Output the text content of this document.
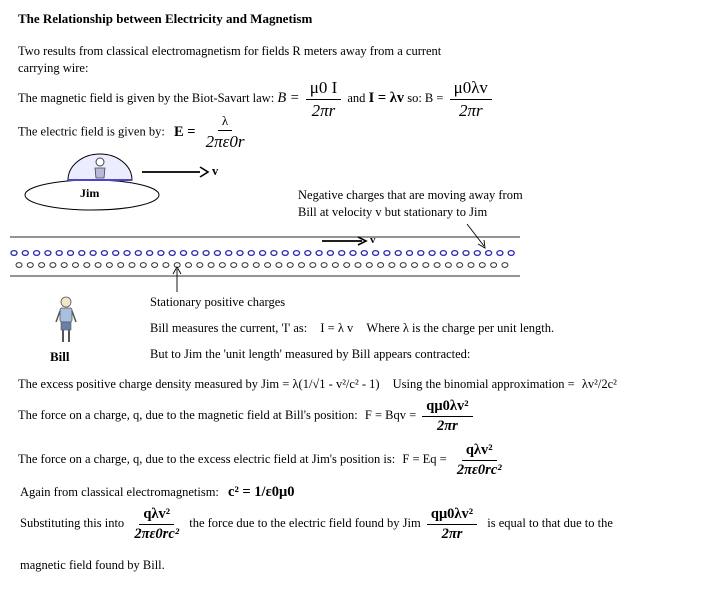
The Relationship between Electricity and Magnetism
Two results from classical electromagnetism for fields R meters away from a current
carrying wire:
The magnetic field is given by the Biot-Savart law: $B = \frac{\mu 0 I}{2\pi r}$ and I = λv so: $B = \frac{\mu 0\lambda v}{2\pi r}$
The electric field is given by: $E = \frac{\lambda}{2\pi\varepsilon 0r}$
Jim
v
v
Negative charges that are moving away from
Bill at velocity v but stationary to Jim
Stationary positive charges
Bill
Bill measures the current, 'I' as: I = λ v Where λ is the charge per unit length.
But to Jim the 'unit length' measured by Bill appears contracted:
The excess positive charge density measured by Jim = λ(1/√1 - v²/c² - 1) Using the binomial approximation = λv²/2c²
The force on a charge, q, due to the magnetic field at Bill's position: F = Bqv = $\frac{\text{qμ0λv²}}{2\pi r}$
The force on a charge, q, due to the excess electric field at Jim's position is: $F = Eq = \frac{\text{qλv²}}{\text{2πε0rc²}}$
Again from classical electromagnetism: c² = 1/ε0μ0
Substituting this into $\frac{\text{qλv²}}{\text{2πε0rc²}}$ the force due to the electric field found by Jim $\frac{\text{qμ0λv²}}{2\pi r}$ is equal to that due to the
magnetic field found by Bill.
